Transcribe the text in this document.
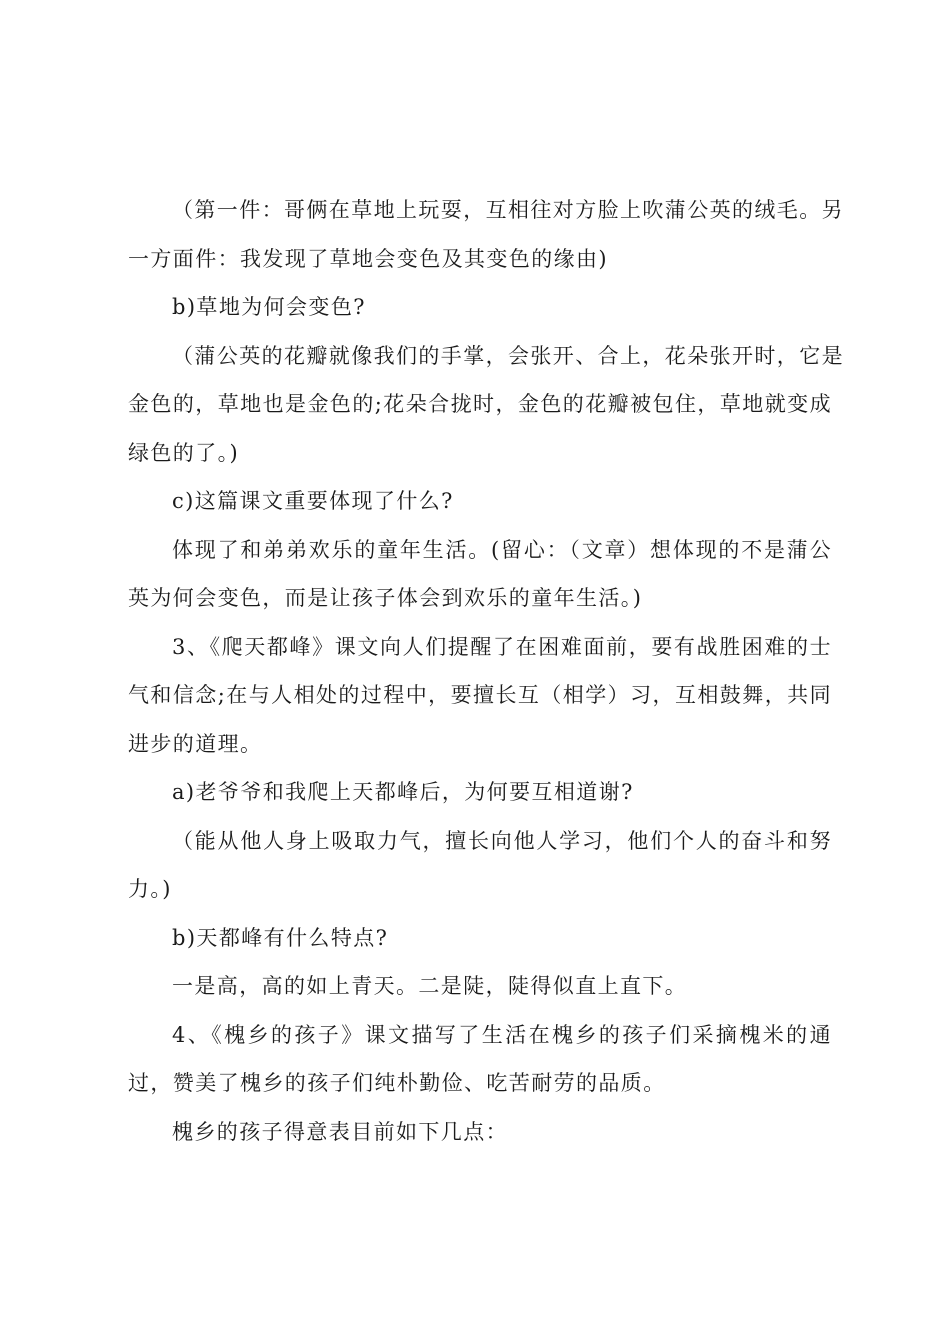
（第一件：哥俩在草地上玩耍，互相往对方脸上吹蒲公英的绒毛。另
一方面件：我发现了草地会变色及其变色的缘由)
b)草地为何会变色?
（蒲公英的花瓣就像我们的手掌，会张开、合上，花朵张开时，它是
金色的，草地也是金色的;花朵合拢时，金色的花瓣被包住，草地就变成
绿色的了。)
c)这篇课文重要体现了什么?
体现了和弟弟欢乐的童年生活。(留心：（文章）想体现的不是蒲公
英为何会变色，而是让孩子体会到欢乐的童年生活。)
3、《爬天都峰》课文向人们提醒了在困难面前，要有战胜困难的士
气和信念;在与人相处的过程中，要擅长互（相学）习，互相鼓舞，共同
进步的道理。
a)老爷爷和我爬上天都峰后，为何要互相道谢?
（能从他人身上吸取力气，擅长向他人学习，他们个人的奋斗和努
力。)
b)天都峰有什么特点?
一是高，高的如上青天。二是陡，陡得似直上直下。
4、《槐乡的孩子》课文描写了生活在槐乡的孩子们采摘槐米的通
过，赞美了槐乡的孩子们纯朴勤俭、吃苦耐劳的品质。
槐乡的孩子得意表目前如下几点：
